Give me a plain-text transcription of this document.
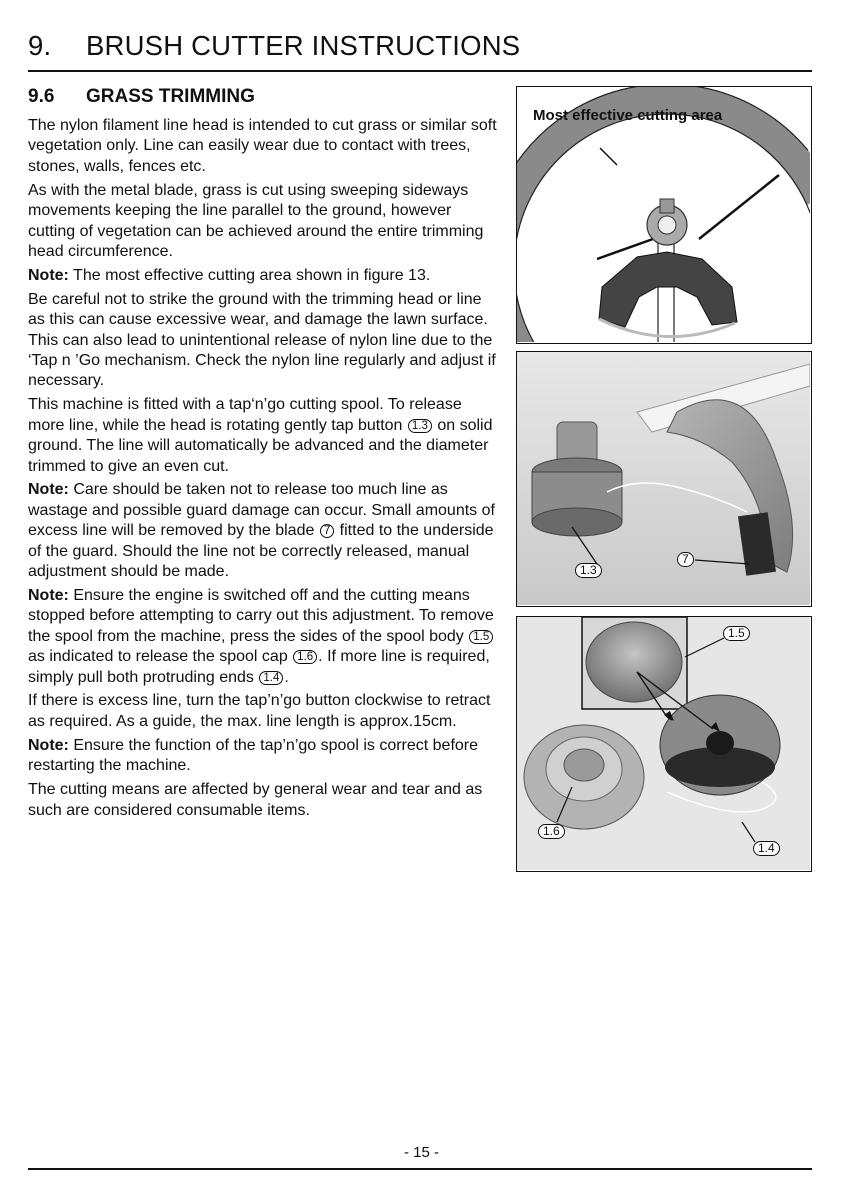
9. BRUSH CUTTER INSTRUCTIONS
9.6 GRASS TRIMMING

The nylon filament line head is intended to cut grass or similar soft vegetation only. Line can easily wear due to contact with trees, stones, walls, fences etc.

As with the metal blade, grass is cut using sweeping sideways movements keeping the line parallel to the ground, however cutting of vegetation can be achieved around the entire trimming head circumference.

Note: The most effective cutting area shown in figure 13.

Be careful not to strike the ground with the trimming head or line as this can cause excessive wear, and damage the lawn surface. This can also lead to unintentional release of nylon line due to the ‘Tap n ’Go mechanism. Check the nylon line regularly and adjust if necessary.

This machine is fitted with a tap‘n’go cutting spool. To release more line, while the head is rotating gently tap button 1.3 on solid ground. The line will automatically be advanced and the diameter trimmed to give an even cut.

Note: Care should be taken not to release too much line as wastage and possible guard damage can occur. Small amounts of excess line will be removed by the blade 7 fitted to the underside of the guard. Should the line not be correctly released, manual adjustment should be made.

Note: Ensure the engine is switched off and the cutting means stopped before attempting to carry out this adjustment. To remove the spool from the machine, press the sides of the spool body 1.5 as indicated to release the spool cap 1.6 . If more line is required, simply pull both protruding ends 1.4 .

If there is excess line, turn the tap’n’go button clockwise to retract as required. As a guide, the max. line length is approx.15cm.

Note: Ensure the function of the tap’n’go spool is correct before restarting the machine.

The cutting means are affected by general wear and tear and as such are considered consumable items.

Most effective cutting area
1.3
7
1.5
1.6
1.4
- 15 -
